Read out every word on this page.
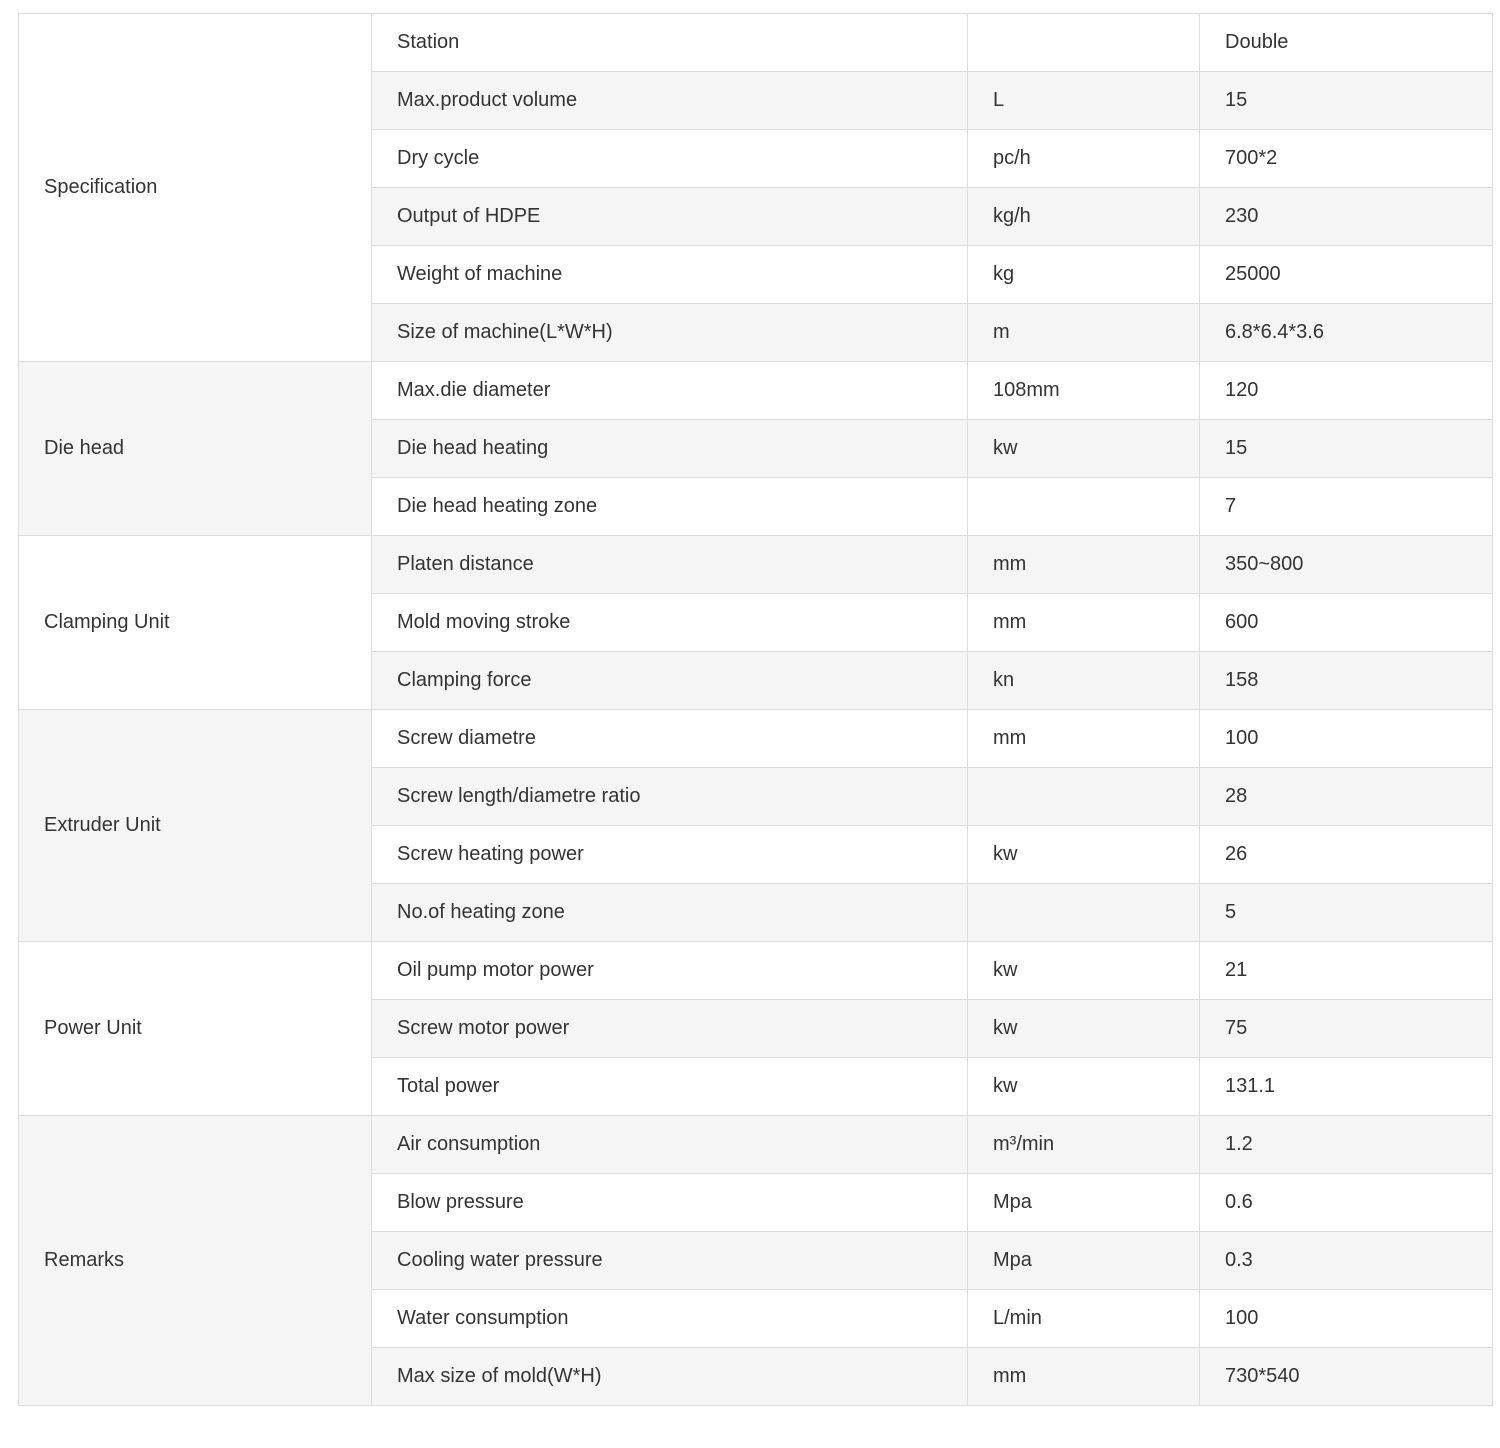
Specification	Station		Double
	Max.product volume	L	15
	Dry cycle	pc/h	700*2
	Output of HDPE	kg/h	230
	Weight of machine	kg	25000
	Size of machine(L*W*H)	m	6.8*6.4*3.6
Die head	Max.die diameter	108mm	120
	Die head heating	kw	15
	Die head heating zone		7
Clamping Unit	Platen distance	mm	350~800
	Mold moving stroke	mm	600
	Clamping force	kn	158
Extruder Unit	Screw diametre	mm	100
	Screw length/diametre ratio		28
	Screw heating power	kw	26
	No.of heating zone		5
Power Unit	Oil pump motor power	kw	21
	Screw motor power	kw	75
	Total power	kw	131.1
Remarks	Air consumption	m³/min	1.2
	Blow pressure	Mpa	0.6
	Cooling water pressure	Mpa	0.3
	Water consumption	L/min	100
	Max size of mold(W*H)	mm	730*540
